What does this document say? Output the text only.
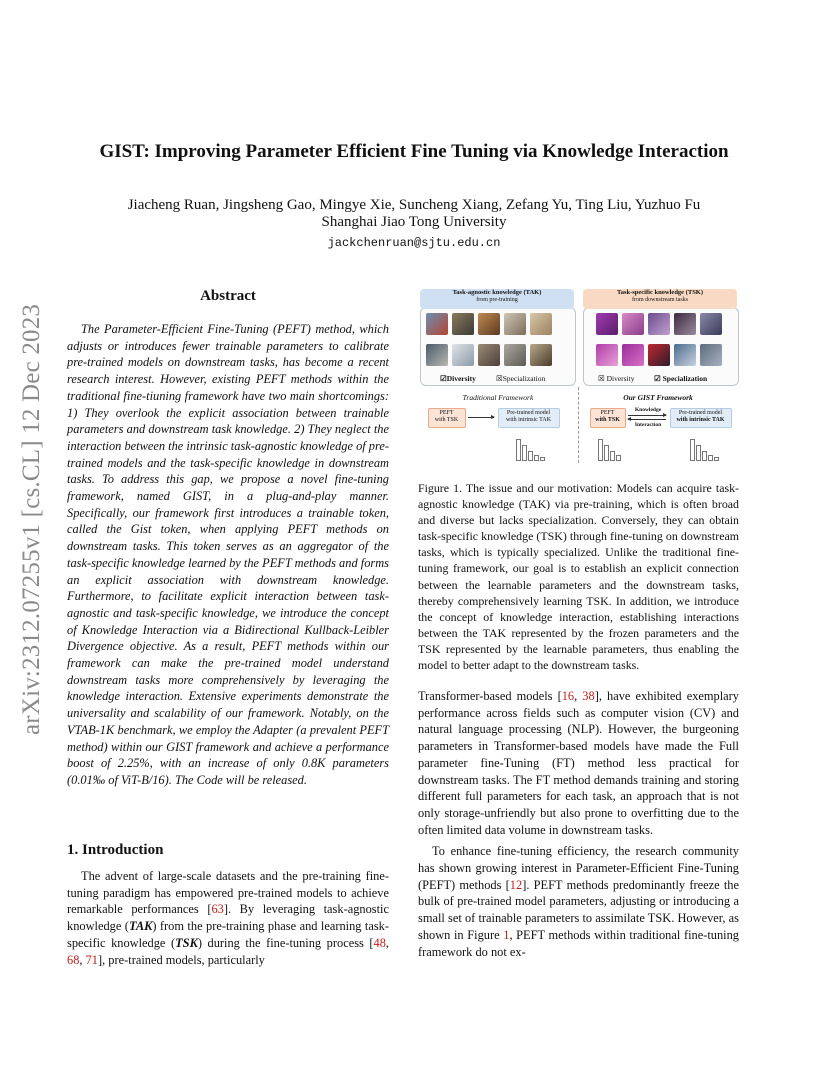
arXiv:2312.07255v1 [cs.CL] 12 Dec 2023
GIST: Improving Parameter Efficient Fine Tuning via Knowledge Interaction
Jiacheng Ruan, Jingsheng Gao, Mingye Xie, Suncheng Xiang, Zefang Yu, Ting Liu, Yuzhuo Fu
Shanghai Jiao Tong University
jackchenruan@sjtu.edu.cn
Abstract

The Parameter-Efficient Fine-Tuning (PEFT) method, which adjusts or introduces fewer trainable parameters to calibrate pre-trained models on downstream tasks, has become a recent research interest. However, existing PEFT methods within the traditional fine-tiuning framework have two main shortcomings: 1) They overlook the explicit association between trainable parameters and downstream task knowledge. 2) They neglect the interaction between the intrinsic task-agnostic knowledge of pre-trained models and the task-specific knowledge in downstream tasks. To address this gap, we propose a novel fine-tuning framework, named GIST, in a plug-and-play manner. Specifically, our framework first introduces a trainable token, called the Gist token, when applying PEFT methods on downstream tasks. This token serves as an aggregator of the task-specific knowledge learned by the PEFT methods and forms an explicit association with downstream knowledge. Furthermore, to facilitate explicit interaction between task-agnostic and task-specific knowledge, we introduce the concept of Knowledge Interaction via a Bidirectional Kullback-Leibler Divergence objective. As a result, PEFT methods within our framework can make the pre-trained model understand downstream tasks more comprehensively by leveraging the knowledge interaction. Extensive experiments demonstrate the universality and scalability of our framework. Notably, on the VTAB-1K benchmark, we employ the Adapter (a prevalent PEFT method) within our GIST framework and achieve a performance boost of 2.25%, with an increase of only 0.8K parameters (0.01‰ of ViT-B/16). The Code will be released.

1. Introduction

The advent of large-scale datasets and the pre-training fine-tuning paradigm has empowered pre-trained models to achieve remarkable performances [63]. By leveraging task-agnostic knowledge (TAK) from the pre-training phase and learning task-specific knowledge (TSK) during the fine-tuning process [48, 68, 71], pre-trained models, particularly

Task-agnostic knowledge (TAK)
from pre-training
☑Diversity	☒Specialization
Task-specific knowledge (TSK)
from downstream tasks
☒ Diversity	☑ Specialization
Traditional Framework
PEFT
with TSK
Pre-trained model
with intrinsic TAK
Our GIST Framework
PEFT
with TSK
Knowledge
Interaction
Pre-trained model
with intrinsic TAK
Figure 1. The issue and our motivation: Models can acquire task-agnostic knowledge (TAK) via pre-training, which is often broad and diverse but lacks specialization. Conversely, they can obtain task-specific knowledge (TSK) through fine-tuning on downstream tasks, which is typically specialized. Unlike the traditional fine-tuning framework, our goal is to establish an explicit connection between the learnable parameters and the downstream tasks, thereby comprehensively learning TSK. In addition, we introduce the concept of knowledge interaction, establishing interactions between the TAK represented by the frozen parameters and the TSK represented by the learnable parameters, thus enabling the model to better adapt to the downstream tasks.

Transformer-based models [16, 38], have exhibited exemplary performance across fields such as computer vision (CV) and natural language processing (NLP). However, the burgeoning parameters in Transformer-based models have made the Full parameter fine-Tuning (FT) method less practical for downstream tasks. The FT method demands training and storing different full parameters for each task, an approach that is not only storage-unfriendly but also prone to overfitting due to the often limited data volume in downstream tasks.

To enhance fine-tuning efficiency, the research community has shown growing interest in Parameter-Efficient Fine-Tuning (PEFT) methods [12]. PEFT methods predominantly freeze the bulk of pre-trained model parameters, adjusting or introducing a small set of trainable parameters to assimilate TSK. However, as shown in Figure 1, PEFT methods within traditional fine-tuning framework do not ex-
